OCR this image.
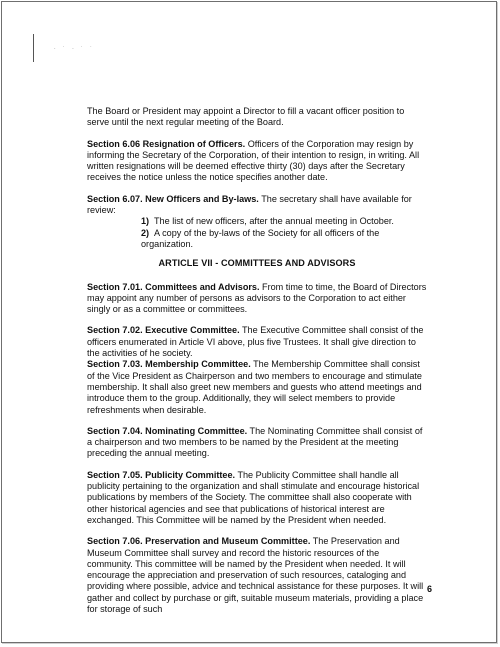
· ˙ · ˙ ˙

The Board or President may appoint a Director to fill a vacant officer position to serve until the next regular meeting of the Board.

Section 6.06 Resignation of Officers. Officers of the Corporation may resign by informing the Secretary of the Corporation, of their intention to resign, in writing. All written resignations will be deemed effective thirty (30) days after the Secretary receives the notice unless the notice specifies another date.

Section 6.07. New Officers and By-laws. The secretary shall have available for review:

1) The list of new officers, after the annual meeting in October.
2) A copy of the by-laws of the Society for all officers of the organization.
ARTICLE VII - COMMITTEES AND ADVISORS

Section 7.01. Committees and Advisors. From time to time, the Board of Directors may appoint any number of persons as advisors to the Corporation to act either singly or as a committee or committees.

Section 7.02. Executive Committee. The Executive Committee shall consist of the officers enumerated in Article VI above, plus five Trustees. It shall give direction to the activities of he society.

Section 7.03. Membership Committee. The Membership Committee shall consist of the Vice President as Chairperson and two members to encourage and stimulate membership. It shall also greet new members and guests who attend meetings and introduce them to the group. Additionally, they will select members to provide refreshments when desirable.

Section 7.04. Nominating Committee. The Nominating Committee shall consist of a chairperson and two members to be named by the President at the meeting preceding the annual meeting.

Section 7.05. Publicity Committee. The Publicity Committee shall handle all publicity pertaining to the organization and shall stimulate and encourage historical publications by members of the Society. The committee shall also cooperate with other historical agencies and see that publications of historical interest are exchanged. This Committee will be named by the President when needed.

Section 7.06. Preservation and Museum Committee. The Preservation and Museum Committee shall survey and record the historic resources of the community. This committee will be named by the President when needed. It will encourage the appreciation and preservation of such resources, cataloging and providing where possible, advice and technical assistance for these purposes. It will gather and collect by purchase or gift, suitable museum materials, providing a place for storage of such

6
